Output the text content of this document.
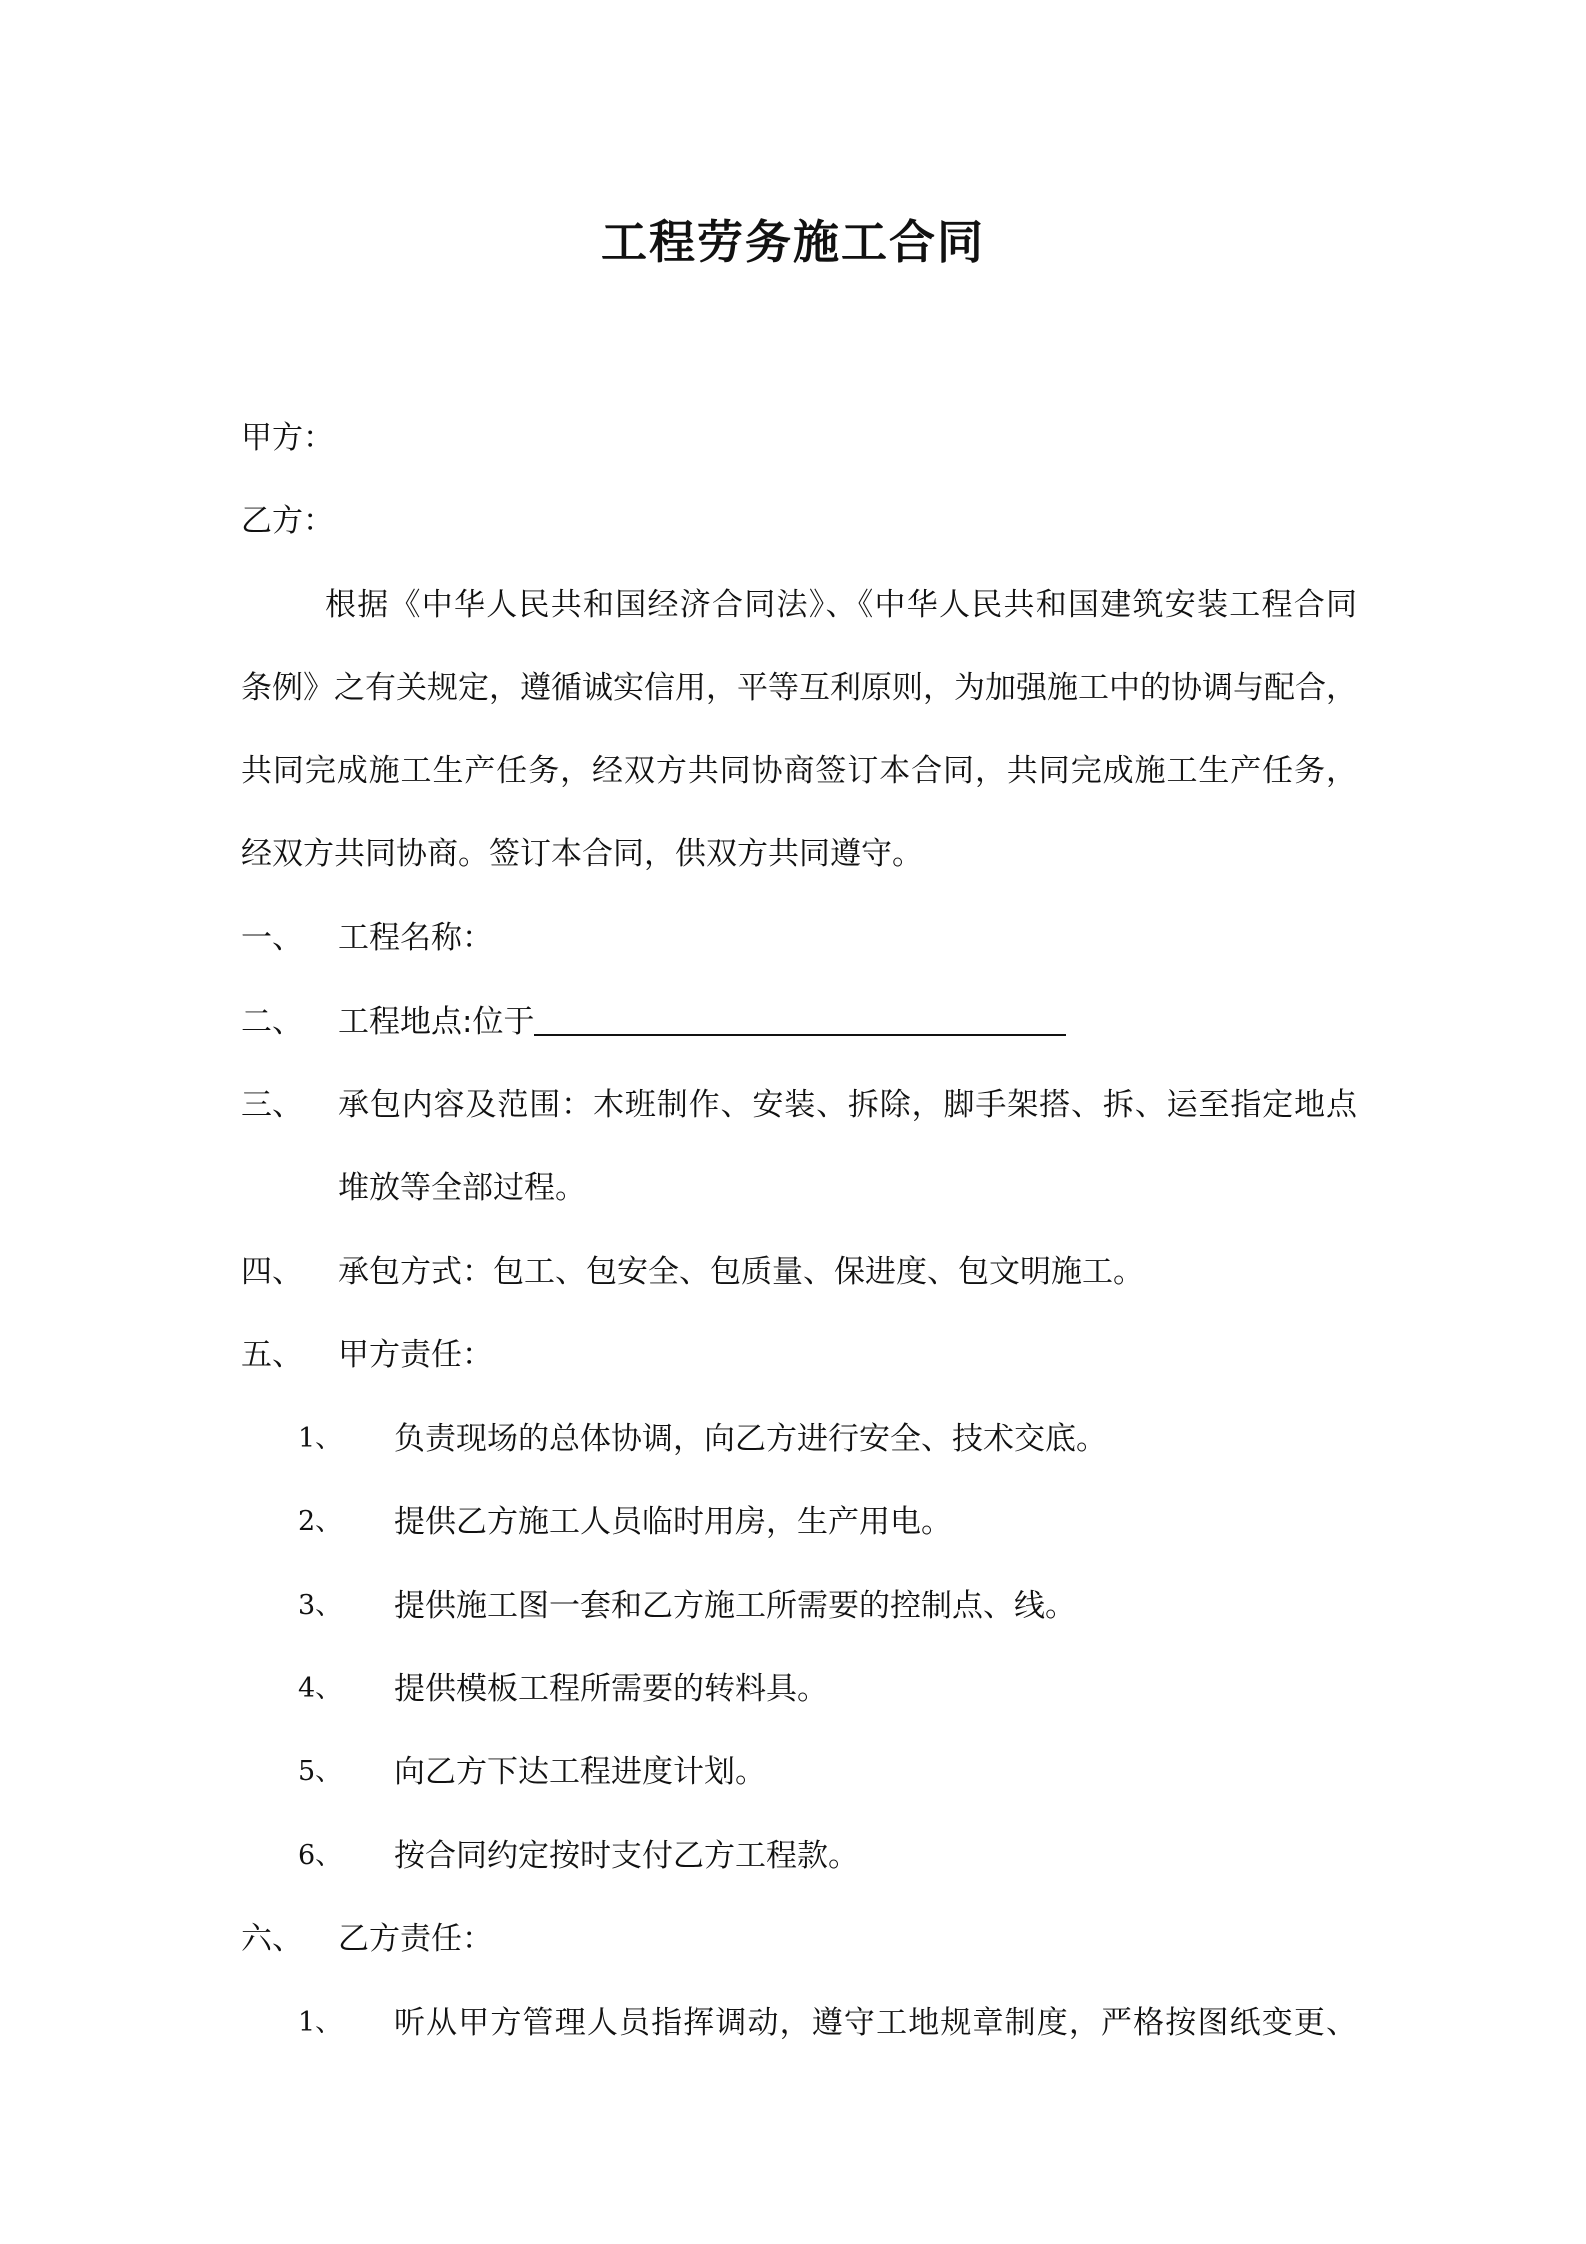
工程劳务施工合同
甲方：
乙方：
根据《中华人民共和国经济合同法》、《中华人民共和国建筑安装工程合同
条例》之有关规定，遵循诚实信用，平等互利原则，为加强施工中的协调与配合，
共同完成施工生产任务，经双方共同协商签订本合同，共同完成施工生产任务，
经双方共同协商。签订本合同，供双方共同遵守。
一、 工程名称：
二、 工程地点:位于
三、 承包内容及范围：木班制作、安装、拆除，脚手架搭、拆、运至指定地点
堆放等全部过程。
四、 承包方式：包工、包安全、包质量、保进度、包文明施工。
五、 甲方责任：
1、 负责现场的总体协调，向乙方进行安全、技术交底。
2、 提供乙方施工人员临时用房，生产用电。
3、 提供施工图一套和乙方施工所需要的控制点、线。
4、 提供模板工程所需要的转料具。
5、 向乙方下达工程进度计划。
6、 按合同约定按时支付乙方工程款。
六、 乙方责任：
1、 听从甲方管理人员指挥调动，遵守工地规章制度，严格按图纸变更、
